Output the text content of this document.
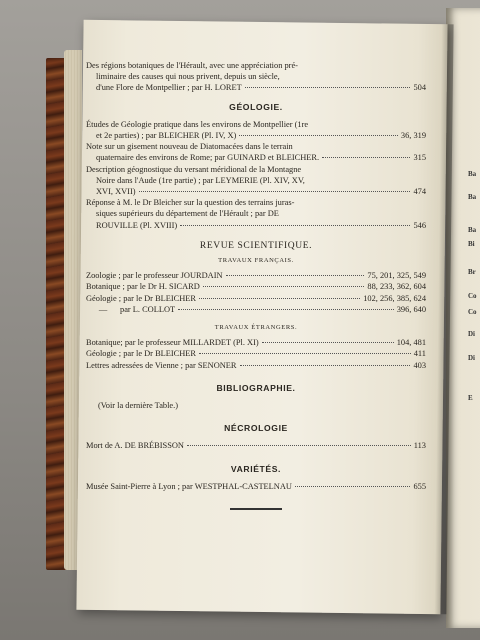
Ba
Ba
Ba
Bi
Br
Co
Co
Di
Di
E
Des régions botaniques de l'Hérault, avec une appréciation pré-
liminaire des causes qui nous privent, depuis un siècle,
d'une Flore de Montpellier ; par H. LORET	504
GÉOLOGIE.
Études de Géologie pratique dans les environs de Montpellier (1re
et 2e parties) ; par BLEICHER (Pl. IV, X)	36, 319
Note sur un gisement nouveau de Diatomacées dans le terrain
quaternaire des environs de Rome; par GUINARD et BLEICHER.	315
Description géognostique du versant méridional de la Montagne
Noire dans l'Aude (1re partie) ; par LEYMERIE (Pl. XIV, XV,
XVI, XVII)	474
Réponse à M. le Dr Bleicher sur la question des terrains juras-
siques supérieurs du département de l'Hérault ; par DE
ROUVILLE (Pl. XVIII)	546
REVUE SCIENTIFIQUE.
TRAVAUX FRANÇAIS.
Zoologie ; par le professeur JOURDAIN	75, 201, 325, 549
Botanique ; par le Dr H. SICARD	88, 233, 362, 604
Géologie ; par le Dr BLEICHER	102, 256, 385, 624
—	par L. COLLOT	396, 640
TRAVAUX ÉTRANGERS.
Botanique; par le professeur MILLARDET (Pl. XI)	104, 481
Géologie ; par le Dr BLEICHER	411
Lettres adressées de Vienne ; par SENONER	403
BIBLIOGRAPHIE.
(Voir la dernière Table.)
NÉCROLOGIE
Mort de A. DE BRÉBISSON	113
VARIÉTÉS.
Musée Saint-Pierre à Lyon ; par WESTPHAL-CASTELNAU	655
